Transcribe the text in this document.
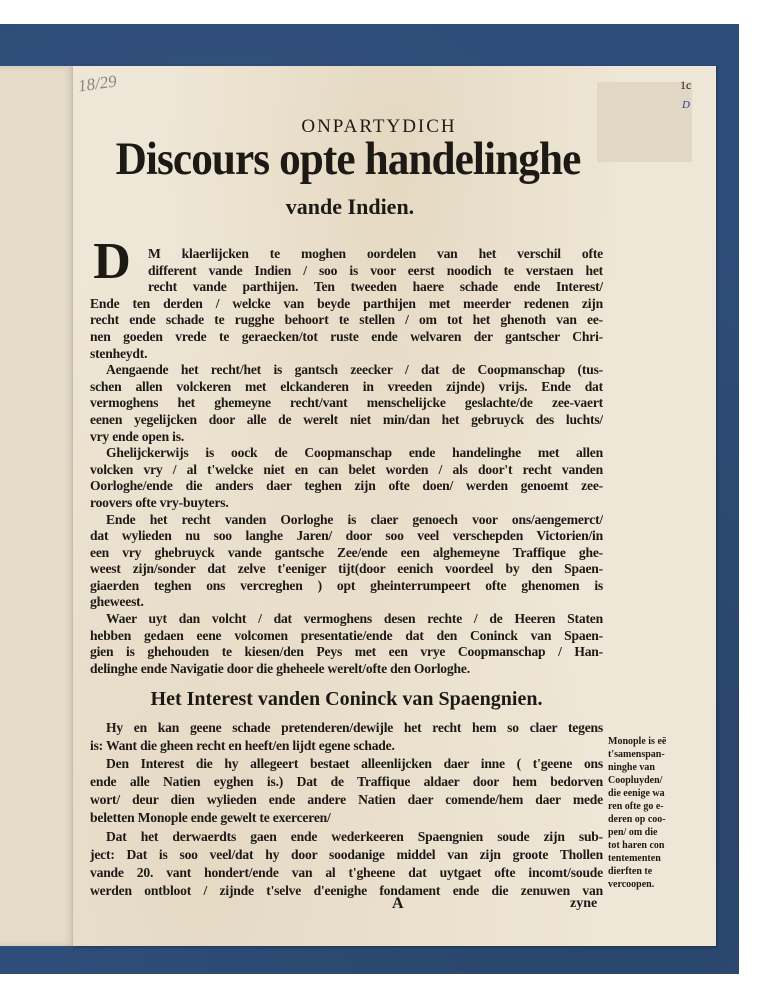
18/29	1c
D
ONPARTYDICH
Discours opte handelinghe
vande Indien.
D	M klaerlijcken te moghen oordelen van het verschil ofte
different vande Indien / soo is voor eerst noodich te verstaen het
recht vande parthijen. Ten tweeden haere schade ende Interest/
Ende ten derden / welcke van beyde parthijen met meerder redenen zijn
recht ende schade te rugghe behoort te stellen / om tot het ghenoth van ee-
nen goeden vrede te geraecken/tot ruste ende welvaren der gantscher Chri-
stenheydt.
Aengaende het recht/het is gantsch zeecker / dat de Coopmanschap (tus-
schen allen volckeren met elckanderen in vreeden zijnde) vrijs. Ende dat
vermoghens het ghemeyne recht/vant menschelijcke geslachte/de zee-vaert
eenen yegelijcken door alle de werelt niet min/dan het gebruyck des luchts/
vry ende open is.
Ghelijckerwijs is oock de Coopmanschap ende handelinghe met allen
volcken vry / al t'welcke niet en can belet worden / als door't recht vanden
Oorloghe/ende die anders daer teghen zijn ofte doen/ werden genoemt zee-
roovers ofte vry-buyters.
Ende het recht vanden Oorloghe is claer genoech voor ons/aengemerct/
dat wylieden nu soo langhe Jaren/ door soo veel verschepden Victorien/in
een vry ghebruyck vande gantsche Zee/ende een alghemeyne Traffique ghe-
weest zijn/sonder dat zelve t'eeniger tijt(door eenich voordeel by den Spaen-
giaerden teghen ons vercreghen ) opt gheinterrumpeert ofte ghenomen is
gheweest.
Waer uyt dan volcht / dat vermoghens desen rechte / de Heeren Staten
hebben gedaen eene volcomen presentatie/ende dat den Coninck van Spaen-
gien is ghehouden te kiesen/den Peys met een vrye Coopmanschap / Han-
delinghe ende Navigatie door die gheheele werelt/ofte den Oorloghe.
Het Interest vanden Coninck van Spaengnien.
Hy en kan geene schade pretenderen/dewijle het recht hem so claer tegens
is: Want die gheen recht en heeft/en lijdt egene schade.
Den Interest die hy allegeert bestaet alleenlijcken daer inne ( t'geene ons
ende alle Natien eyghen is.) Dat de Traffique aldaer door hem bedorven
wort/ deur dien wylieden ende andere Natien daer comende/hem daer mede
beletten Monople ende gewelt te exerceren/
Dat het derwaerdts gaen ende wederkeeren Spaengnien soude zijn sub-
ject: Dat is soo veel/dat hy door soodanige middel van zijn groote Thollen
vande 20. vant hondert/ende van al t'gheene dat uytgaet ofte incomt/soude
werden ontbloot / zijnde t'selve d'eenighe fondament ende die zenuwen van
Monople is eē
t'samenspan-
ninghe van
Coopluyden/
die eenige wa
ren ofte go e-
deren op coo-
pen/ om die
tot haren con
tentementen
dierften te
vercoopen.
A	zyne
